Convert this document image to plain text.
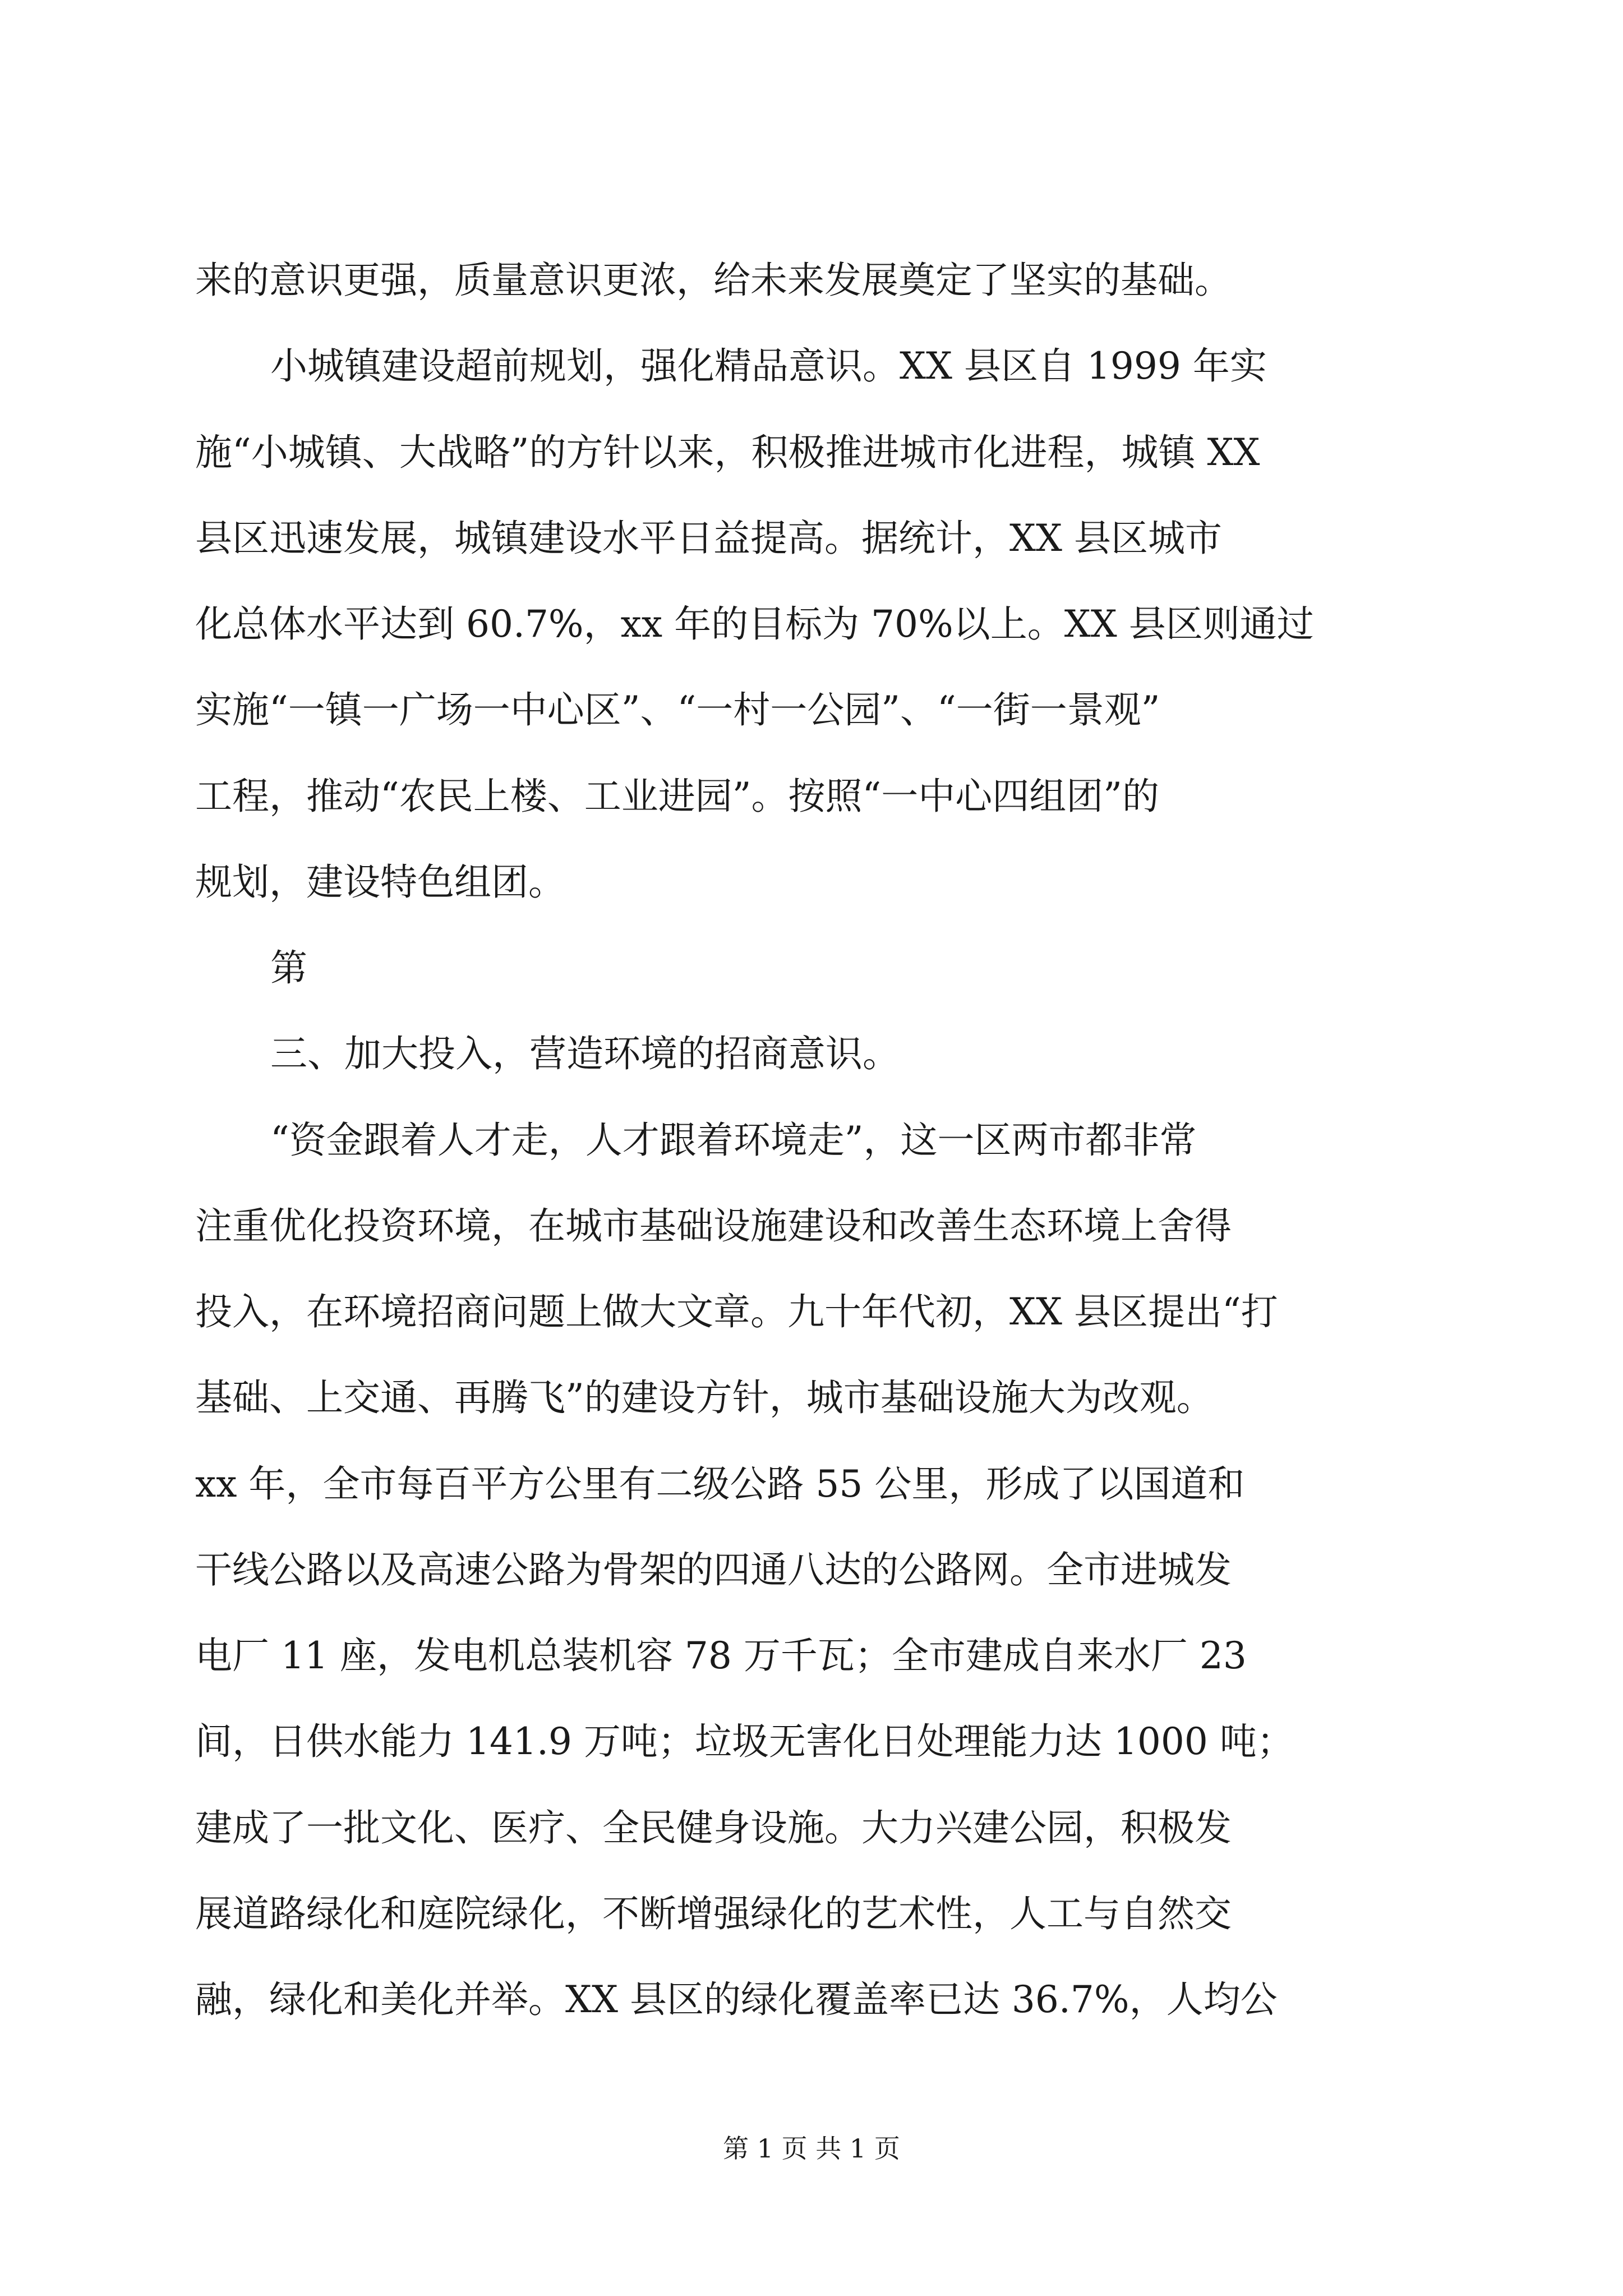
来的意识更强，质量意识更浓，给未来发展奠定了坚实的基础。
小城镇建设超前规划，强化精品意识。XX 县区自 1999 年实
施“小城镇、大战略”的方针以来，积极推进城市化进程，城镇 XX
县区迅速发展，城镇建设水平日益提高。据统计，XX 县区城市
化总体水平达到 60.7%，xx 年的目标为 70%以上。XX 县区则通过
实施“一镇一广场一中心区”、“一村一公园”、“一街一景观”
工程，推动“农民上楼、工业进园”。按照“一中心四组团”的
规划，建设特色组团。
第
三、加大投入，营造环境的招商意识。
“资金跟着人才走，人才跟着环境走”，这一区两市都非常
注重优化投资环境，在城市基础设施建设和改善生态环境上舍得
投入，在环境招商问题上做大文章。九十年代初，XX 县区提出“打
基础、上交通、再腾飞”的建设方针，城市基础设施大为改观。
xx 年，全市每百平方公里有二级公路 55 公里，形成了以国道和
干线公路以及高速公路为骨架的四通八达的公路网。全市进城发
电厂 11 座，发电机总装机容 78 万千瓦；全市建成自来水厂 23
间，日供水能力 141.9 万吨；垃圾无害化日处理能力达 1000 吨；
建成了一批文化、医疗、全民健身设施。大力兴建公园，积极发
展道路绿化和庭院绿化，不断增强绿化的艺术性，人工与自然交
融，绿化和美化并举。XX 县区的绿化覆盖率已达 36.7%，人均公
第 1 页 共 1 页
